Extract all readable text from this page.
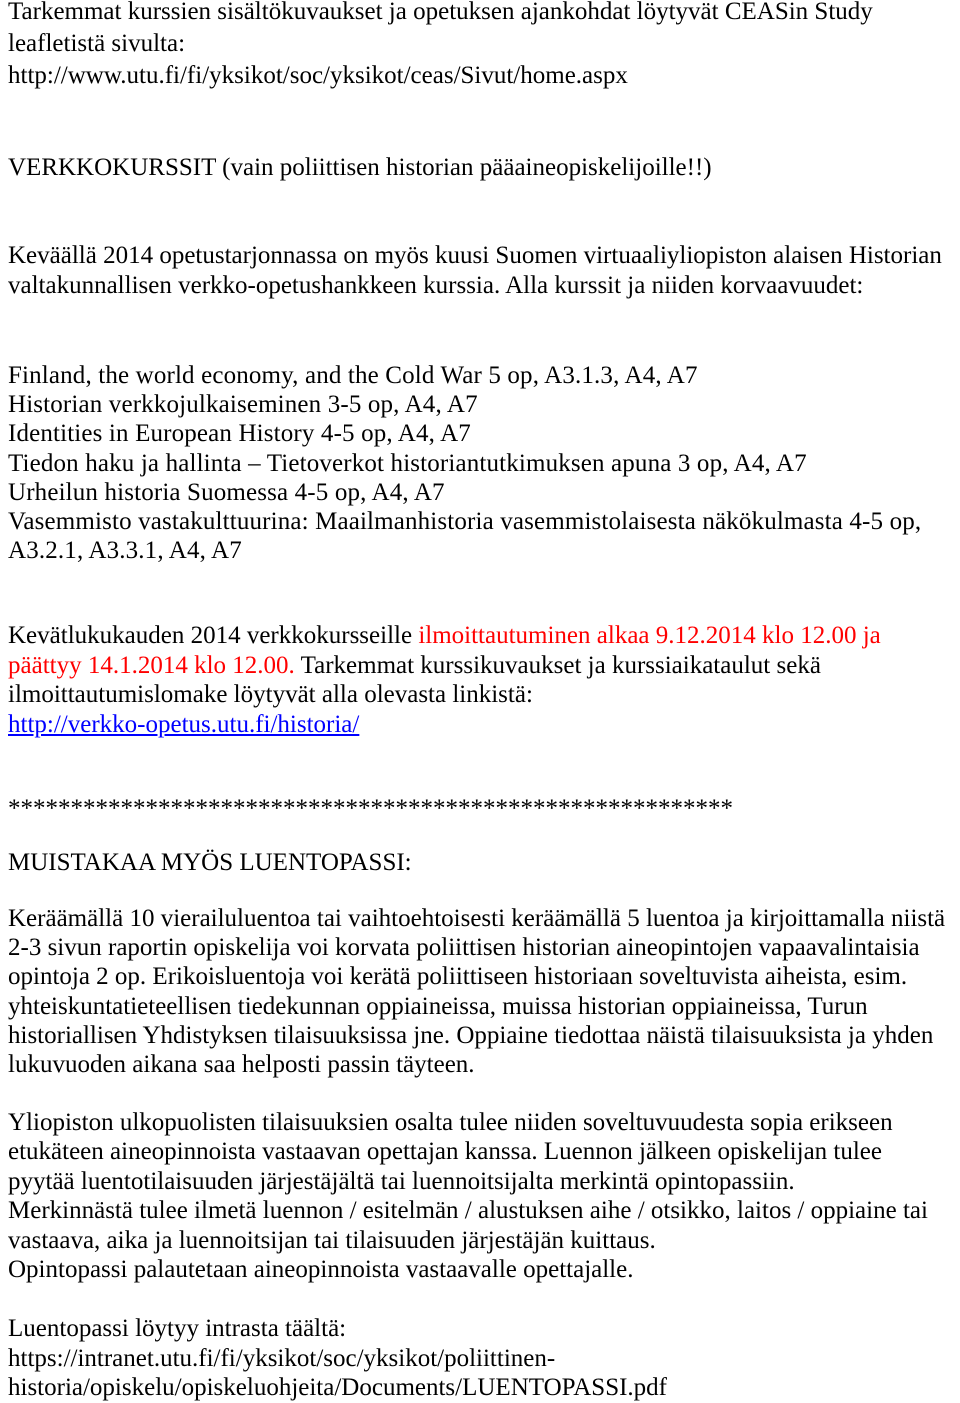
Tarkemmat kurssien sisältökuvaukset ja opetuksen ajankohdat löytyvät CEASin Study
leafletistä sivulta:
http://www.utu.fi/fi/yksikot/soc/yksikot/ceas/Sivut/home.aspx
VERKKOKURSSIT (vain poliittisen historian pääaineopiskelijoille!!)
Keväällä 2014 opetustarjonnassa on myös kuusi Suomen virtuaaliyliopiston alaisen Historian
valtakunnallisen verkko-opetushankkeen kurssia. Alla kurssit ja niiden korvaavuudet:
Finland, the world economy, and the Cold War 5 op, A3.1.3, A4, A7
Historian verkkojulkaiseminen 3-5 op, A4, A7
Identities in European History 4-5 op, A4, A7
Tiedon haku ja hallinta – Tietoverkot historiantutkimuksen apuna 3 op, A4, A7
Urheilun historia Suomessa 4-5 op, A4, A7
Vasemmisto vastakulttuurina: Maailmanhistoria vasemmistolaisesta näkökulmasta 4-5 op,
A3.2.1, A3.3.1, A4, A7
Kevätlukukauden 2014 verkkokursseille ilmoittautuminen alkaa 9.12.2014 klo 12.00 ja
päättyy 14.1.2014 klo 12.00. Tarkemmat kurssikuvaukset ja kurssiaikataulut sekä
ilmoittautumislomake löytyvät alla olevasta linkistä:
http://verkko-opetus.utu.fi/historia/
**********************************************************
MUISTAKAA MYÖS LUENTOPASSI:
Keräämällä 10 vierailuluentoa tai vaihtoehtoisesti keräämällä 5 luentoa ja kirjoittamalla niistä
2-3 sivun raportin opiskelija voi korvata poliittisen historian aineopintojen vapaavalintaisia
opintoja 2 op. Erikoisluentoja voi kerätä poliittiseen historiaan soveltuvista aiheista, esim.
yhteiskuntatieteellisen tiedekunnan oppiaineissa, muissa historian oppiaineissa, Turun
historiallisen Yhdistyksen tilaisuuksissa jne. Oppiaine tiedottaa näistä tilaisuuksista ja yhden
lukuvuoden aikana saa helposti passin täyteen.
Yliopiston ulkopuolisten tilaisuuksien osalta tulee niiden soveltuvuudesta sopia erikseen
etukäteen aineopinnoista vastaavan opettajan kanssa. Luennon jälkeen opiskelijan tulee
pyytää luentotilaisuuden järjestäjältä tai luennoitsijalta merkintä opintopassiin.
Merkinnästä tulee ilmetä luennon / esitelmän / alustuksen aihe / otsikko, laitos / oppiaine tai
vastaava, aika ja luennoitsijan tai tilaisuuden järjestäjän kuittaus.
Opintopassi palautetaan aineopinnoista vastaavalle opettajalle.
Luentopassi löytyy intrasta täältä:
https://intranet.utu.fi/fi/yksikot/soc/yksikot/poliittinen-
historia/opiskelu/opiskeluohjeita/Documents/LUENTOPASSI.pdf
